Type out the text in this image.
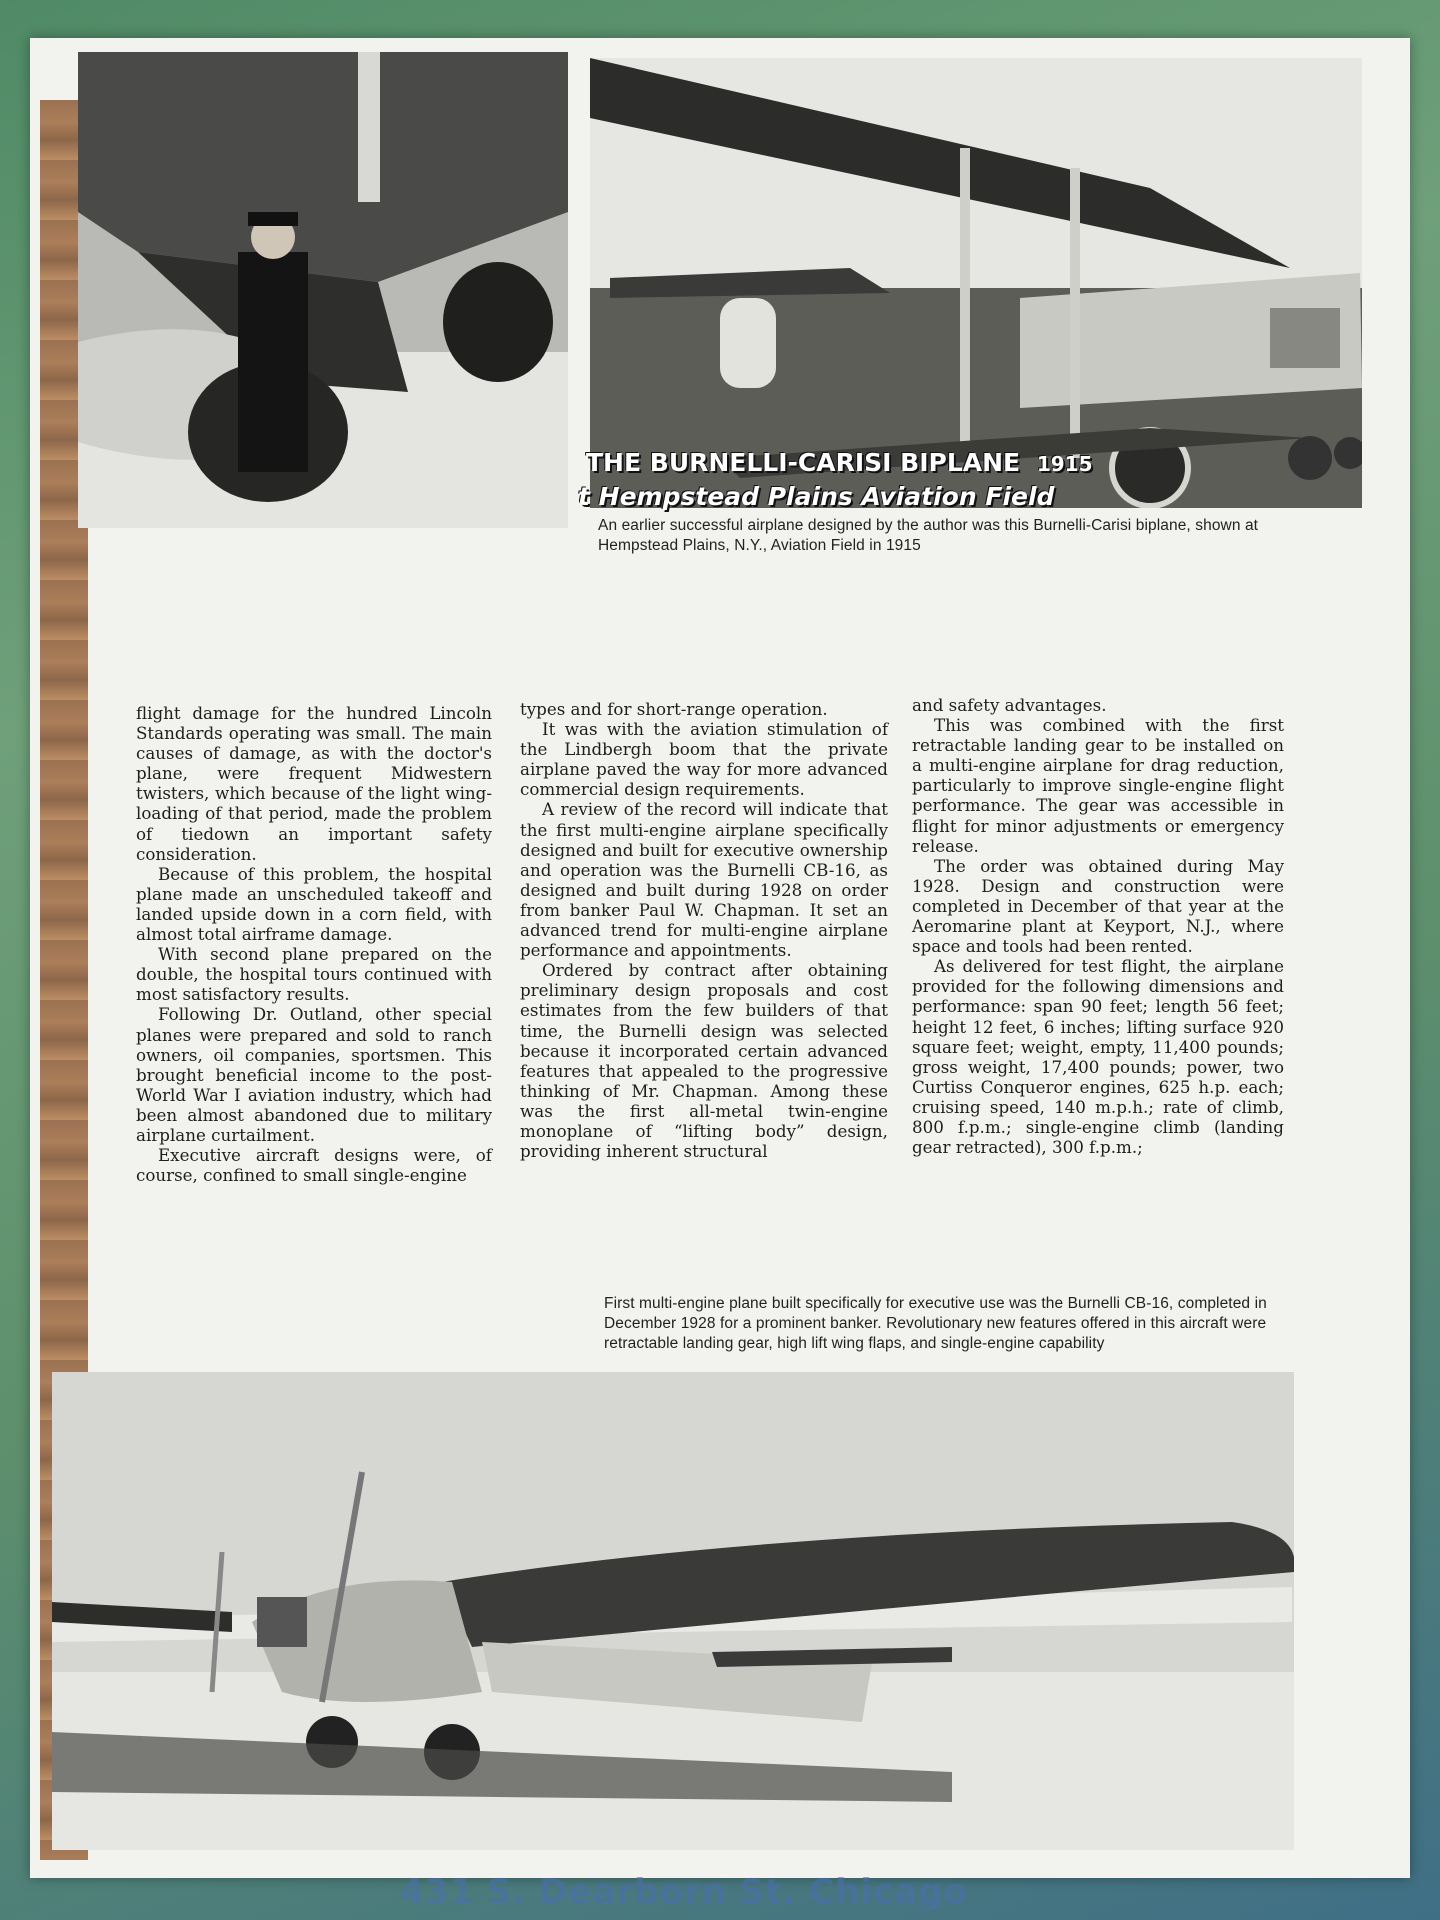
THE BURNELLI-CARISI BIPLANE 1915
t Hempstead Plains Aviation Field
An earlier successful airplane designed by the author was this Burnelli-Carisi biplane, shown at Hempstead Plains, N.Y., Aviation Field in 1915

flight damage for the hundred Lincoln Standards operating was small. The main causes of damage, as with the doctor's plane, were frequent Midwestern twisters, which because of the light wing-loading of that period, made the problem of tiedown an important safety consideration.

Because of this problem, the hospital plane made an unscheduled takeoff and landed upside down in a corn field, with almost total airframe damage.

With second plane prepared on the double, the hospital tours continued with most satisfactory results.

Following Dr. Outland, other special planes were prepared and sold to ranch owners, oil companies, sportsmen. This brought beneficial income to the post-World War I aviation industry, which had been almost abandoned due to military airplane curtailment.

Executive aircraft designs were, of course, confined to small single-engine

types and for short-range operation.

It was with the aviation stimulation of the Lindbergh boom that the private airplane paved the way for more advanced commercial design requirements.

A review of the record will indicate that the first multi-engine airplane specifically designed and built for executive ownership and operation was the Burnelli CB-16, as designed and built during 1928 on order from banker Paul W. Chapman. It set an advanced trend for multi-engine airplane performance and appointments.

Ordered by contract after obtaining preliminary design proposals and cost estimates from the few builders of that time, the Burnelli design was selected because it incorporated certain advanced features that appealed to the progressive thinking of Mr. Chapman. Among these was the first all-metal twin-engine monoplane of “lifting body” design, providing inherent structural

and safety advantages.

This was combined with the first retractable landing gear to be installed on a multi-engine airplane for drag reduction, particularly to improve single-engine flight performance. The gear was accessible in flight for minor adjustments or emergency release.

The order was obtained during May 1928. Design and construction were completed in December of that year at the Aeromarine plant at Keyport, N.J., where space and tools had been rented.

As delivered for test flight, the airplane provided for the following dimensions and performance: span 90 feet; length 56 feet; height 12 feet, 6 inches; lifting surface 920 square feet; weight, empty, 11,400 pounds; gross weight, 17,400 pounds; power, two Curtiss Conqueror engines, 625 h.p. each; cruising speed, 140 m.p.h.; rate of climb, 800 f.p.m.; single-engine climb (landing gear retracted), 300 f.p.m.;

First multi-engine plane built specifically for executive use was the Burnelli CB-16, completed in December 1928 for a prominent banker. Revolutionary new features offered in this aircraft were retractable landing gear, high lift wing flaps, and single-engine capability
431 S. Dearborn St. Chicago
